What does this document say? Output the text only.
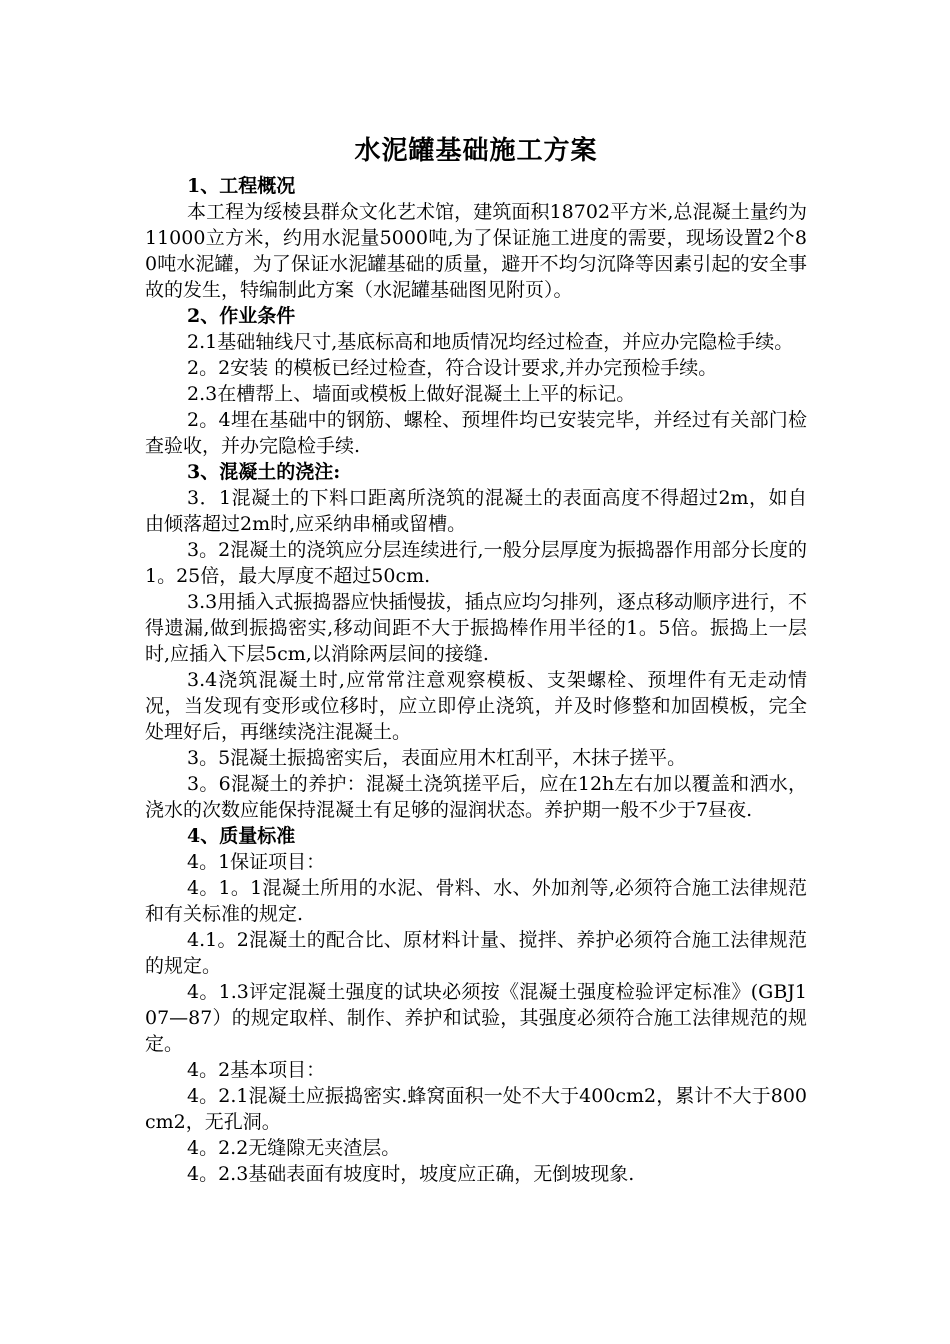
水泥罐基础施工方案

1、工程概况

本工程为绥棱县群众文化艺术馆，建筑面积18702平方米,总混凝土量约为11000立方米，约用水泥量5000吨,为了保证施工进度的需要，现场设置2个80吨水泥罐，为了保证水泥罐基础的质量，避开不均匀沉降等因素引起的安全事故的发生，特编制此方案（水泥罐基础图见附页）。

2、作业条件

2.1基础轴线尺寸,基底标高和地质情况均经过检查，并应办完隐检手续。

2。2安装 的模板已经过检查，符合设计要求,并办完预检手续。

2.3在槽帮上、墙面或模板上做好混凝土上平的标记。

2。4埋在基础中的钢筋、螺栓、预埋件均已安装完毕，并经过有关部门检查验收，并办完隐检手续.

3、混凝土的浇注:

3．1混凝土的下料口距离所浇筑的混凝土的表面高度不得超过2m，如自由倾落超过2m时,应采纳串桶或留槽。

3。2混凝土的浇筑应分层连续进行,一般分层厚度为振捣器作用部分长度的1。25倍，最大厚度不超过50cm.

3.3用插入式振捣器应快插慢拔，插点应均匀排列，逐点移动顺序进行，不得遗漏,做到振捣密实,移动间距不大于振捣棒作用半径的1。5倍。振捣上一层时,应插入下层5cm,以消除两层间的接缝.

3.4浇筑混凝土时,应常常注意观察模板、支架螺栓、预埋件有无走动情况，当发现有变形或位移时，应立即停止浇筑，并及时修整和加固模板，完全处理好后，再继续浇注混凝土。

3。5混凝土振捣密实后，表面应用木杠刮平，木抹子搓平。

3。6混凝土的养护：混凝土浇筑搓平后，应在12h左右加以覆盖和洒水，浇水的次数应能保持混凝土有足够的湿润状态。养护期一般不少于7昼夜.

4、质量标准

4。1保证项目：

4。1。1混凝土所用的水泥、骨料、水、外加剂等,必须符合施工法律规范和有关标准的规定.

4.1。2混凝土的配合比、原材料计量、搅拌、养护必须符合施工法律规范的规定。

4。1.3评定混凝土强度的试块必须按《混凝土强度检验评定标准》(GBJ107—87）的规定取样、制作、养护和试验，其强度必须符合施工法律规范的规定。

4。2基本项目：

4。2.1混凝土应振捣密实.蜂窝面积一处不大于400cm2，累计不大于800cm2，无孔洞。

4。2.2无缝隙无夹渣层。

4。2.3基础表面有坡度时，坡度应正确，无倒坡现象.
